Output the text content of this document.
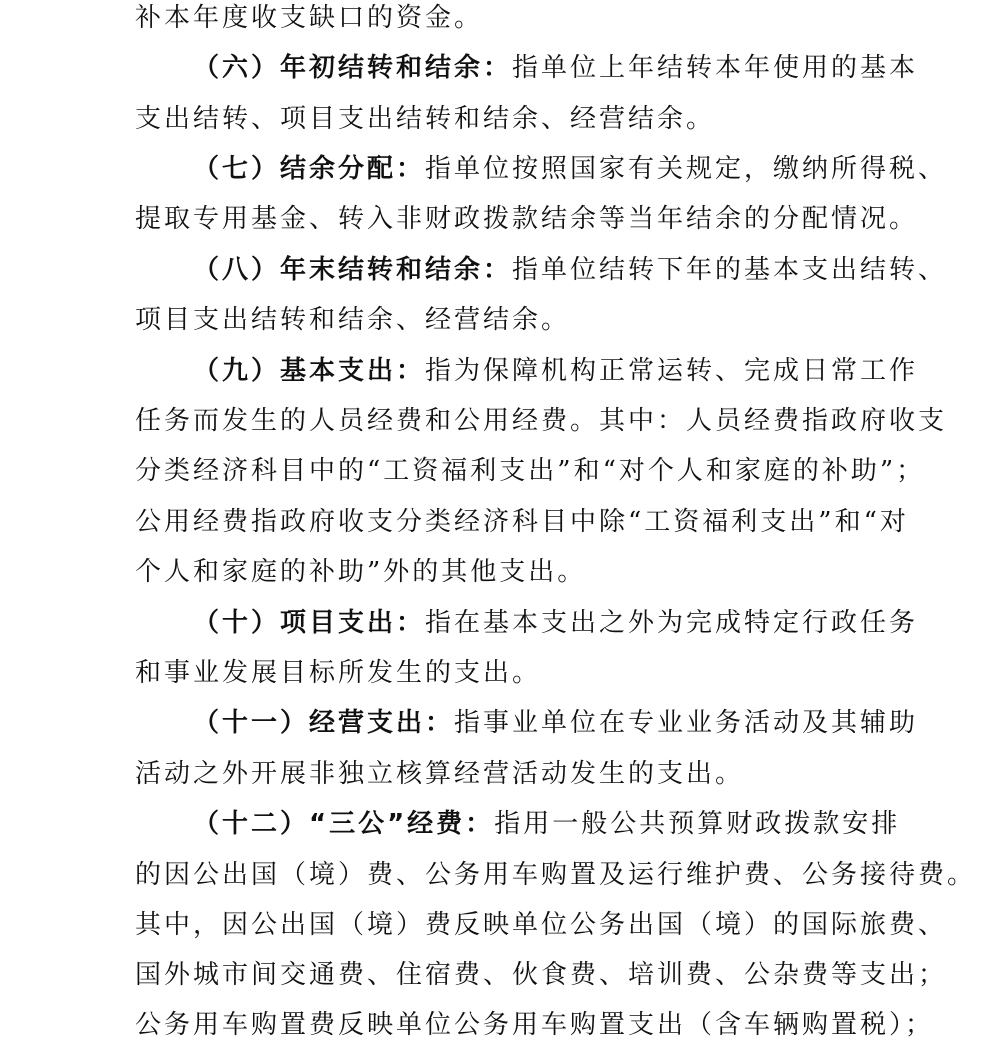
补本年度收支缺口的资金。
（六）年初结转和结余：指单位上年结转本年使用的基本
支出结转、项目支出结转和结余、经营结余。
（七）结余分配：指单位按照国家有关规定，缴纳所得税、
提取专用基金、转入非财政拨款结余等当年结余的分配情况。
（八）年末结转和结余：指单位结转下年的基本支出结转、
项目支出结转和结余、经营结余。
（九）基本支出：指为保障机构正常运转、完成日常工作
任务而发生的人员经费和公用经费。其中：人员经费指政府收支
分类经济科目中的“工资福利支出”和“对个人和家庭的补助”；
公用经费指政府收支分类经济科目中除“工资福利支出”和“对
个人和家庭的补助”外的其他支出。
（十）项目支出：指在基本支出之外为完成特定行政任务
和事业发展目标所发生的支出。
（十一）经营支出：指事业单位在专业业务活动及其辅助
活动之外开展非独立核算经营活动发生的支出。
（十二）“三公”经费：指用一般公共预算财政拨款安排
的因公出国（境）费、公务用车购置及运行维护费、公务接待费。
其中，因公出国（境）费反映单位公务出国（境）的国际旅费、
国外城市间交通费、住宿费、伙食费、培训费、公杂费等支出；
公务用车购置费反映单位公务用车购置支出（含车辆购置税）；
